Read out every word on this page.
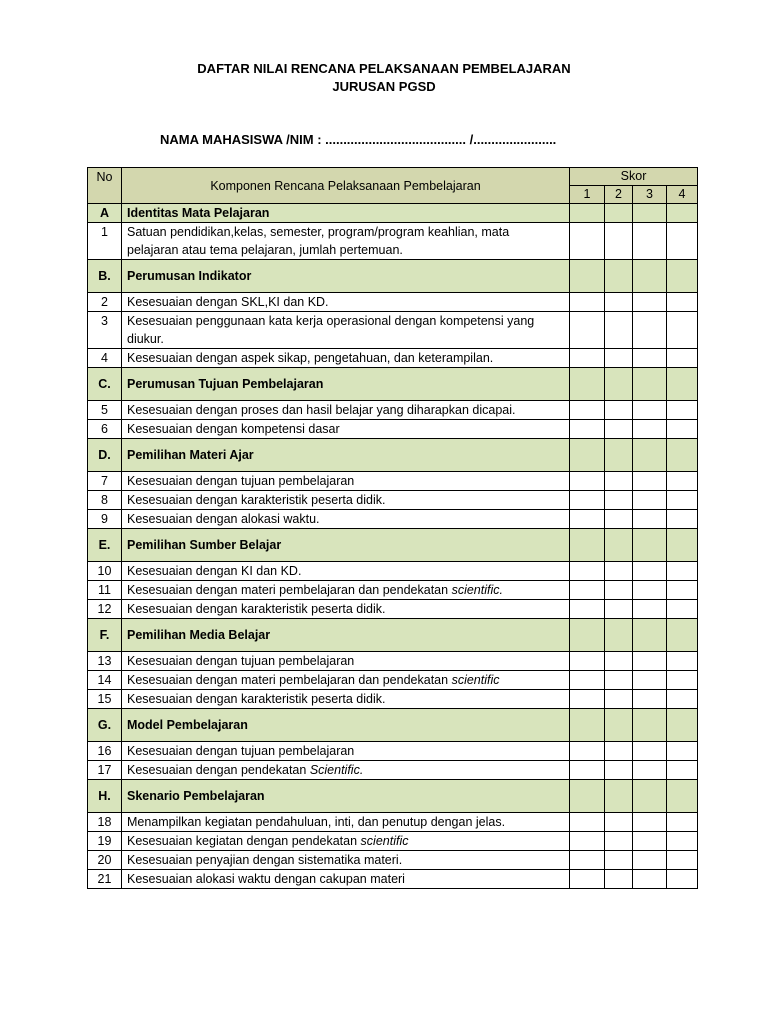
DAFTAR NILAI RENCANA PELAKSANAAN PEMBELAJARAN
JURUSAN PGSD
NAMA MAHASISWA /NIM : ....................................... /.......................
No	Komponen Rencana Pelaksanaan Pembelajaran	Skor			
		1	2	3	4
A	Identitas Mata Pelajaran				
1	Satuan pendidikan,kelas, semester, program/program keahlian, mata pelajaran atau tema pelajaran, jumlah pertemuan.				
B.	Perumusan Indikator				
2	Kesesuaian dengan SKL,KI dan KD.				
3	Kesesuaian penggunaan kata kerja operasional dengan kompetensi yang diukur.				
4	Kesesuaian dengan aspek sikap, pengetahuan, dan keterampilan.				
C.	Perumusan Tujuan Pembelajaran				
5	Kesesuaian dengan proses dan hasil belajar yang diharapkan dicapai.				
6	Kesesuaian dengan kompetensi dasar				
D.	Pemilihan Materi Ajar				
7	Kesesuaian dengan tujuan pembelajaran				
8	Kesesuaian dengan karakteristik peserta didik.				
9	Kesesuaian dengan alokasi waktu.				
E.	Pemilihan Sumber Belajar				
10	Kesesuaian dengan KI dan KD.				
11	Kesesuaian dengan materi pembelajaran dan pendekatan scientific.				
12	Kesesuaian dengan karakteristik peserta didik.				
F.	Pemilihan Media Belajar				
13	Kesesuaian dengan tujuan pembelajaran				
14	Kesesuaian dengan materi pembelajaran dan pendekatan scientific				
15	Kesesuaian dengan karakteristik peserta didik.				
G.	Model Pembelajaran				
16	Kesesuaian dengan tujuan pembelajaran				
17	Kesesuaian dengan pendekatan Scientific.				
H.	Skenario Pembelajaran				
18	Menampilkan kegiatan pendahuluan, inti, dan penutup dengan jelas.				
19	Kesesuaian kegiatan dengan pendekatan scientific				
20	Kesesuaian penyajian dengan sistematika materi.				
21	Kesesuaian alokasi waktu dengan cakupan materi				
